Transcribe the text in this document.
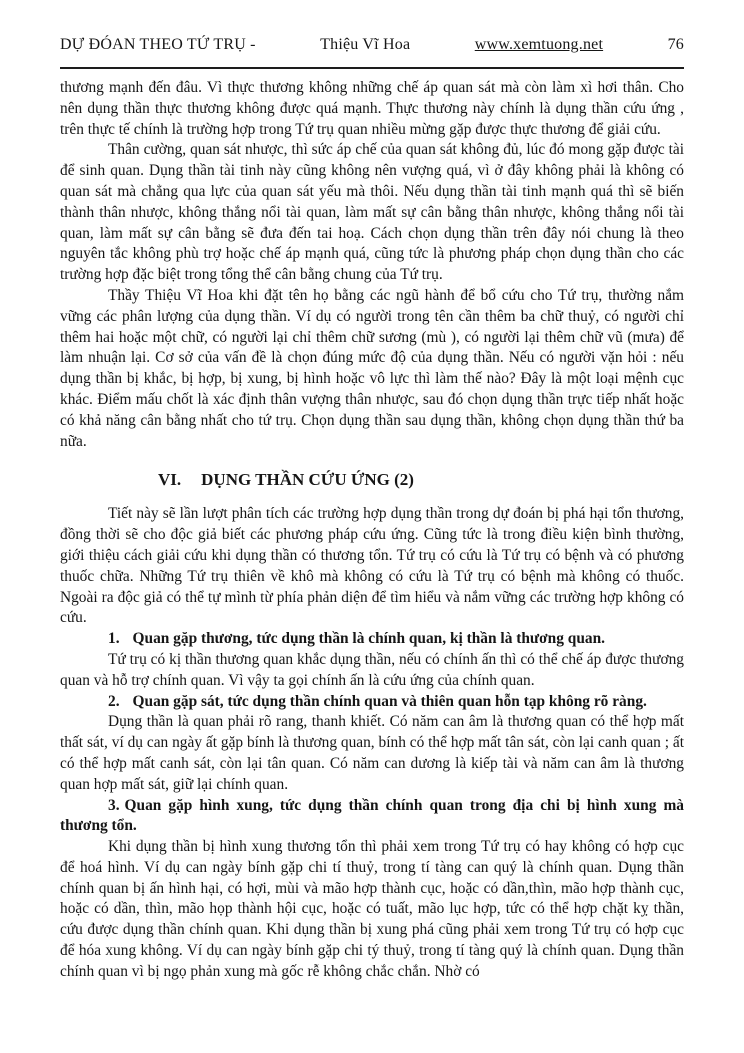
DỰ ĐÓAN THEO TỨ TRỤ -	Thiệu Vĩ Hoa	www.xemtuong.net	76

thương mạnh đến đâu. Vì thực thương không những chế áp quan sát mà còn làm xì hơi thân. Cho nên dụng thần thực thương không được quá mạnh. Thực thương này chính là dụng thần cứu ứng , trên thực tế chính là trường hợp trong Tứ trụ quan nhiều mừng gặp được thực thương để giải cứu.

Thân cường, quan sát nhược, thì sức áp chế của quan sát không đủ, lúc đó mong gặp được tài để sinh quan. Dụng thần tài tinh này cũng không nên vượng quá, vì ở đây không phải là không có quan sát mà chẳng qua lực của quan sát yếu mà thôi. Nếu dụng thần tài tinh mạnh quá thì sẽ biến thành thân nhược, không thắng nổi tài quan, làm mất sự cân bằng thân nhược, không thắng nổi tài quan, làm mất sự cân bằng sẽ đưa đến tai hoạ. Cách chọn dụng thần trên đây nói chung là theo nguyên tắc không phù trợ hoặc chế áp mạnh quá, cũng tức là phương pháp chọn dụng thần cho các trường hợp đặc biệt trong tổng thể cân bằng chung của Tứ trụ.

Thầy Thiệu Vĩ Hoa khi đặt tên họ bằng các ngũ hành để bổ cứu cho Tứ trụ, thường nắm vững các phân lượng của dụng thần. Ví dụ có người trong tên cần thêm ba chữ thuỷ, có người chỉ thêm hai hoặc một chữ, có người lại chỉ thêm chữ sương (mù ), có người lại thêm chữ vũ (mưa) để làm nhuận lại. Cơ sở của vấn đề là chọn đúng mức độ của dụng thần. Nếu có người vặn hỏi : nếu dụng thần bị khắc, bị hợp, bị xung, bị hình hoặc vô lực thì làm thế nào? Đây là một loại mệnh cục khác. Điểm mấu chốt là xác định thân vượng thân nhược, sau đó chọn dụng thần trực tiếp nhất hoặc có khả năng cân bằng nhất cho tứ trụ. Chọn dụng thần sau dụng thần, không chọn dụng thần thứ ba nữa.

VI. DỤNG THẦN CỨU ỨNG (2)

Tiết này sẽ lần lượt phân tích các trường hợp dụng thần trong dự đoán bị phá hại tổn thương, đồng thời sẽ cho độc giả biết các phương pháp cứu ứng. Cũng tức là trong điều kiện bình thường, giới thiệu cách giải cứu khi dụng thần có thương tổn. Tứ trụ có cứu là Tứ trụ có bệnh và có phương thuốc chữa. Những Tứ trụ thiên về khô mà không có cứu là Tứ trụ có bệnh mà không có thuốc. Ngoài ra độc giả có thể tự mình từ phía phản diện để tìm hiểu và nắm vững các trường hợp không có cứu.

1. Quan gặp thương, tức dụng thần là chính quan, kị thần là thương quan.

Tứ trụ có kị thần thương quan khắc dụng thần, nếu có chính ấn thì có thể chế áp được thương quan và hỗ trợ chính quan. Vì vậy ta gọi chính ấn là cứu ứng của chính quan.

2. Quan gặp sát, tức dụng thần chính quan và thiên quan hỗn tạp không rõ ràng.

Dụng thần là quan phải rõ rang, thanh khiết. Có năm can âm là thương quan có thể hợp mất thất sát, ví dụ can ngày ất gặp bính là thương quan, bính có thể hợp mất tân sát, còn lại canh quan ; ất có thể hợp mất canh sát, còn lại tân quan. Có năm can dương là kiếp tài và năm can âm là thương quan hợp mất sát, giữ lại chính quan.

3. Quan gặp hình xung, tức dụng thần chính quan trong địa chi bị hình xung mà thương tổn.

Khi dụng thần bị hình xung thương tổn thì phải xem trong Tứ trụ có hay không có hợp cục để hoá hình. Ví dụ can ngày bính gặp chi tí thuỷ, trong tí tàng can quý là chính quan. Dụng thần chính quan bị ấn hình hại, có hợi, mùi và mão hợp thành cục, hoặc có dần,thìn, mão hợp thành cục, hoặc có dần, thìn, mão họp thành hội cục, hoặc có tuất, mão lục hợp, tức có thể hợp chặt kỵ thần, cứu được dụng thần chính quan. Khi dụng thần bị xung phá cũng phải xem trong Tứ trụ có hợp cục để hóa xung không. Ví dụ can ngày bính gặp chi tý thuỷ, trong tí tàng quý là chính quan. Dụng thần chính quan vì bị ngọ phản xung mà gốc rễ không chắc chắn. Nhờ có
